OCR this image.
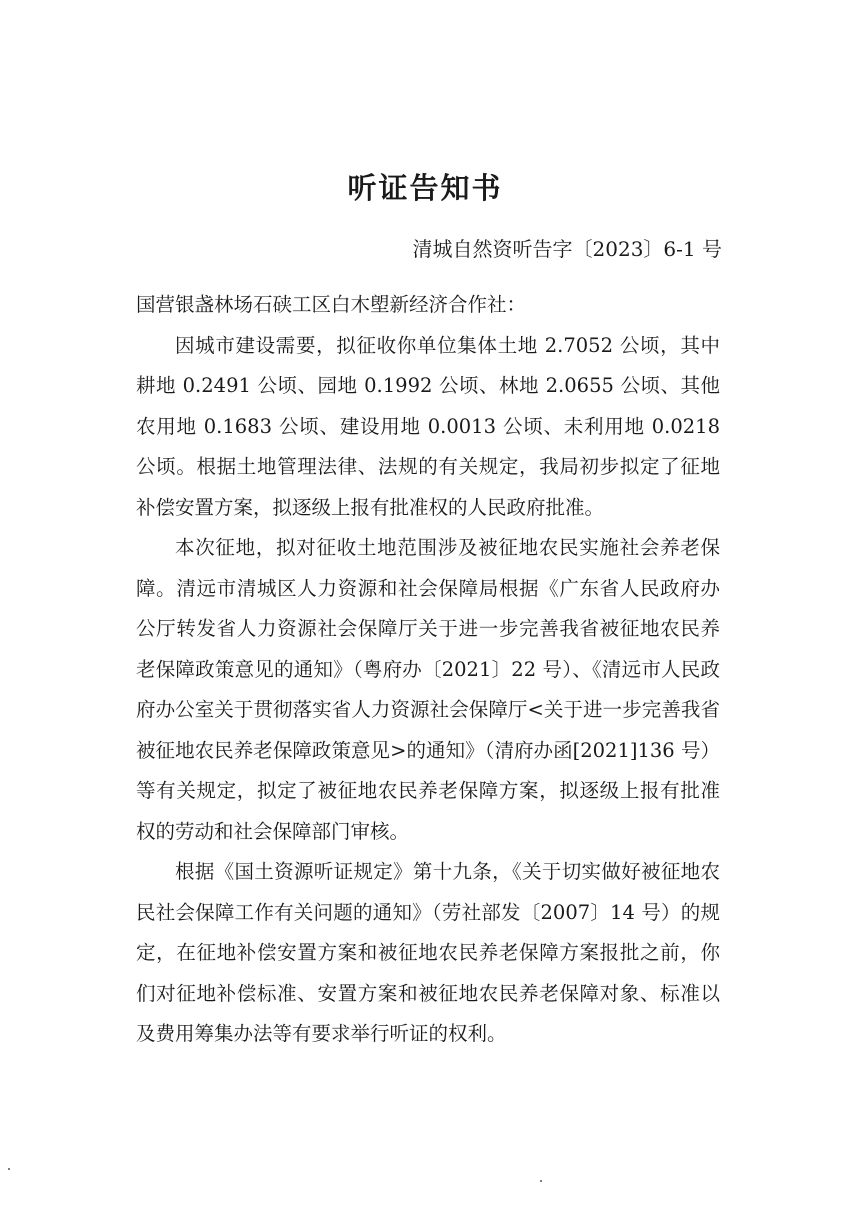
听证告知书
清城自然资听告字〔2023〕6-1 号

国营银盏林场石硖工区白木塱新经济合作社：

因城市建设需要，拟征收你单位集体土地 2.7052 公顷，其中耕地 0.2491 公顷、园地 0.1992 公顷、林地 2.0655 公顷、其他农用地 0.1683 公顷、建设用地 0.0013 公顷、未利用地 0.0218 公顷。根据土地管理法律、法规的有关规定，我局初步拟定了征地补偿安置方案，拟逐级上报有批准权的人民政府批准。

本次征地，拟对征收土地范围涉及被征地农民实施社会养老保障。清远市清城区人力资源和社会保障局根据《广东省人民政府办公厅转发省人力资源社会保障厅关于进一步完善我省被征地农民养老保障政策意见的通知》（粤府办〔2021〕22 号）、《清远市人民政府办公室关于贯彻落实省人力资源社会保障厅<关于进一步完善我省被征地农民养老保障政策意见>的通知》（清府办函[2021]136 号）等有关规定，拟定了被征地农民养老保障方案，拟逐级上报有批准权的劳动和社会保障部门审核。

根据《国土资源听证规定》第十九条，《关于切实做好被征地农民社会保障工作有关问题的通知》（劳社部发〔2007〕14 号）的规定，在征地补偿安置方案和被征地农民养老保障方案报批之前，你们对征地补偿标准、安置方案和被征地农民养老保障对象、标准以及费用筹集办法等有要求举行听证的权利。
